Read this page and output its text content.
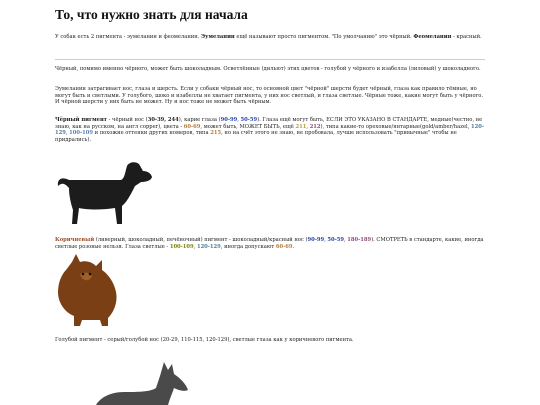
То, что нужно знать для начала

У собак есть 2 пигмента - эумеланин и феомеланин. Эумеланин ещё называют просто пигментом. "По умолчанию" это чёрный. Феомеланин - красный.

Чёрный, помимо именно чёрного, может быть шоколадным. Осветлённые (дильют) этих цветов - голубой у чёрного и изабелла (лиловый) у шоколадного.

Эумеланин затрагивает нос, глаза и шерсть. Если у собаки чёрный нос, то основной цвет "чёрной" шерсти будет чёрный, глаза как правило тёмные, но могут быть и светлыми. У голубого, шоко и изабеллы не хватает пигмента, у них нос светлый, и глаза светлые. Чёрные тоже, какие могут быть у чёрного. И чёрной шерсти у них быть не может. Ну и нос тоже не может быть чёрным.

Чёрный пигмент - чёрный нос (30-39, 244), карие глаза (90-99, 50-59). Глаза ещё могут быть, ЕСЛИ ЭТО УКАЗАНО В СТАНДАРТЕ, медные(честно, не знаю, как на русском, на англ copper), цвета - 60-69, может быть, МОЖЕТ БЫТЬ, ещё 211, 212), типа какие-то ореховые/янтарные(gold/amber/hazel, 120-129, 100-109 и похожие оттенки других номеров, типа 215, но на счёт этого не знаю, не пробовала, лучше использовать "привычные" чтобы не придрались).

Коричневый (ливерный, шоколадный, печёночный) пигмент - шоколадный/красный нос (90-99, 50-59, 180-189). СМОТРЕТЬ в стандарте, какие, иногда светлые розовые нельзя. Глаза светлые - 100-109, 120-129, иногда допускают 60-69.

Голубой пигмент - серый/голубой нос (20-29, 110-115, 120-129), светлые глаза как у коричневого пигмента.
